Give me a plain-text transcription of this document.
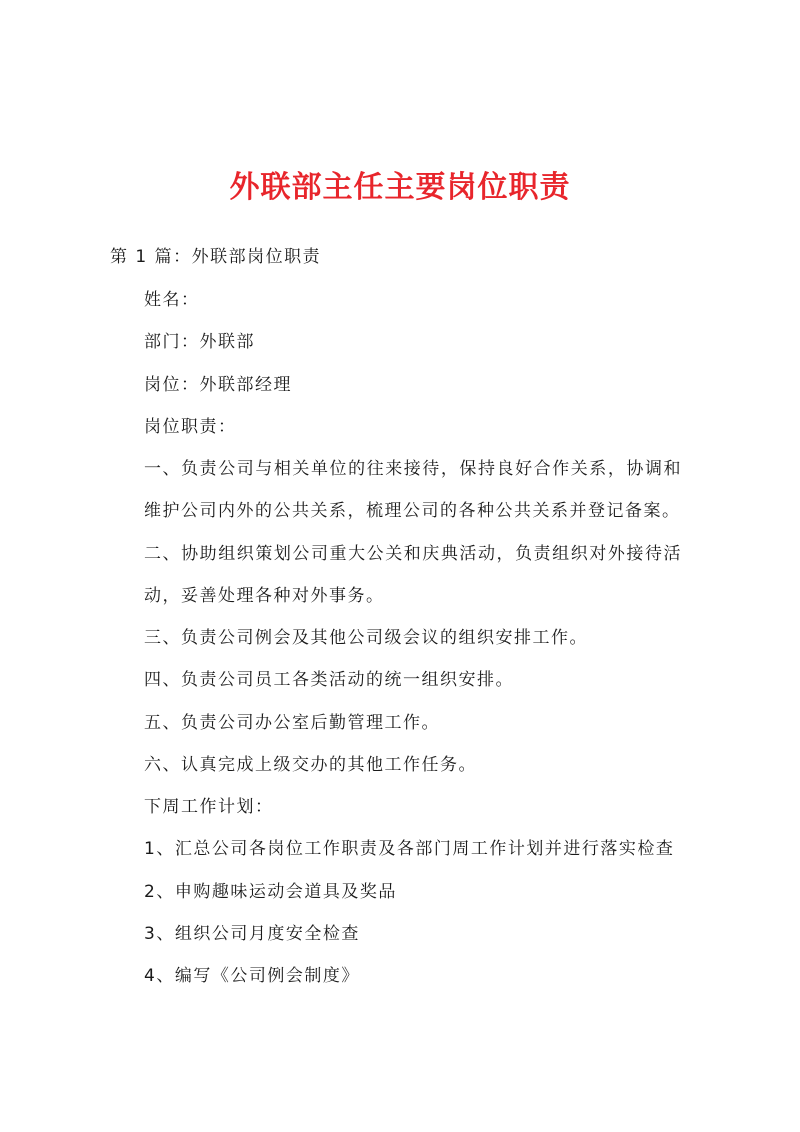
外联部主任主要岗位职责
第 1 篇：外联部岗位职责
姓名：
部门：外联部
岗位：外联部经理
岗位职责：
一、负责公司与相关单位的往来接待，保持良好合作关系，协调和
维护公司内外的公共关系，梳理公司的各种公共关系并登记备案。
二、协助组织策划公司重大公关和庆典活动，负责组织对外接待活
动，妥善处理各种对外事务。
三、负责公司例会及其他公司级会议的组织安排工作。
四、负责公司员工各类活动的统一组织安排。
五、负责公司办公室后勤管理工作。
六、认真完成上级交办的其他工作任务。
下周工作计划：
1、汇总公司各岗位工作职责及各部门周工作计划并进行落实检查
2、申购趣味运动会道具及奖品
3、组织公司月度安全检查
4、编写《公司例会制度》
